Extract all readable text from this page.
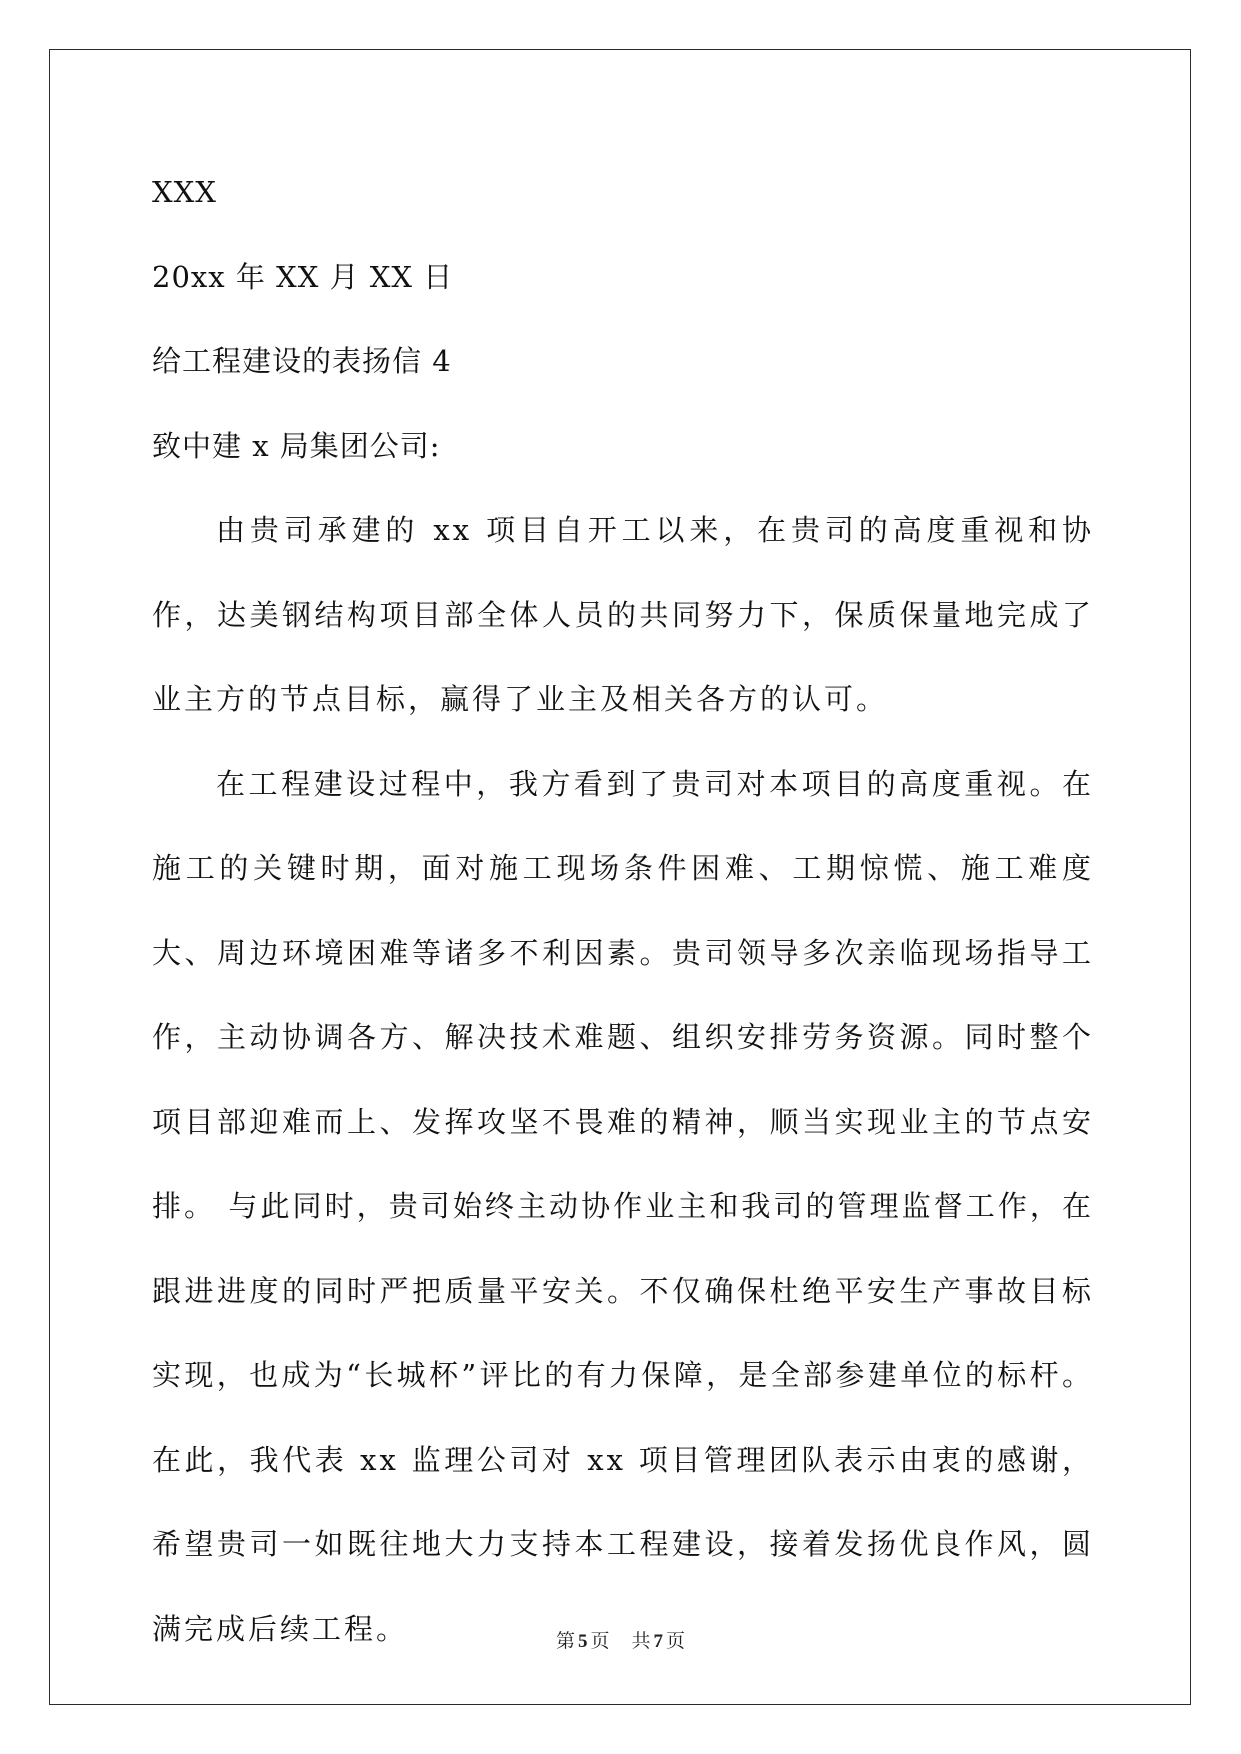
XXX

20xx 年 XX 月 XX 日

给工程建设的表扬信 4

致中建 x 局集团公司:

由贵司承建的 xx 项目自开工以来，在贵司的高度重视和协作，达美钢结构项目部全体人员的共同努力下，保质保量地完成了业主方的节点目标，赢得了业主及相关各方的认可。

在工程建设过程中，我方看到了贵司对本项目的高度重视。在施工的关键时期，面对施工现场条件困难、工期惊慌、施工难度大、周边环境困难等诸多不利因素。贵司领导多次亲临现场指导工作，主动协调各方、解决技术难题、组织安排劳务资源。同时整个项目部迎难而上、发挥攻坚不畏难的精神，顺当实现业主的节点安排。 与此同时，贵司始终主动协作业主和我司的管理监督工作，在跟进进度的同时严把质量平安关。不仅确保杜绝平安生产事故目标实现，也成为“长城杯”评比的有力保障，是全部参建单位的标杆。 在此，我代表 xx 监理公司对 xx 项目管理团队表示由衷的感谢，希望贵司一如既往地大力支持本工程建设，接着发扬优良作风，圆满完成后续工程。	第 5 页 共 7 页
